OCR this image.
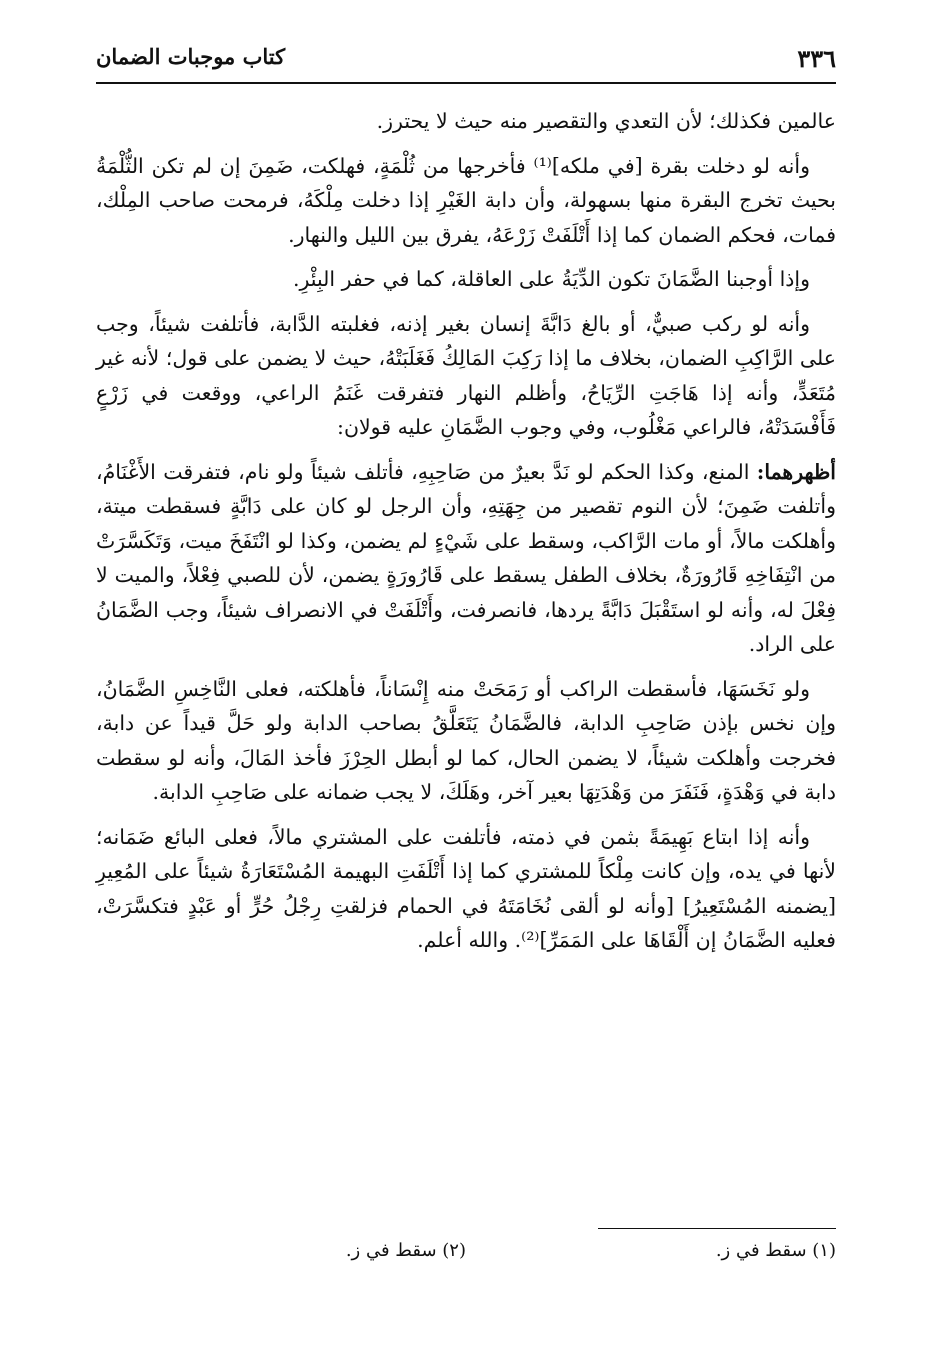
٣٣٦
كتاب موجبات الضمان

عالمين فكذلك؛ لأن التعدي والتقصير منه حيث لا يحترز.

وأنه لو دخلت بقرة [في ملكه]⁽¹⁾ فأخرجها من ثُلْمَةٍ، فهلكت، ضَمِنَ إن لم تكن الثُّلْمَةُ بحيث تخرج البقرة منها بسهولة، وأن دابة الغَيْرِ إذا دخلت مِلْكَهُ، فرمحت صاحب المِلْك، فمات، فحكم الضمان كما إذا أَتْلَفَتْ زَرْعَهُ، يفرق بين الليل والنهار.

وإذا أوجبنا الضَّمَانَ تكون الدِّيَةُ على العاقلة، كما في حفر البِئْرِ.

وأنه لو ركب صبيٌّ، أو بالغ دَابَّةَ إنسان بغير إذنه، فغلبته الدَّابة، فأتلفت شيئاً، وجب على الرَّاكِبِ الضمان، بخلاف ما إذا رَكِبَ المَالِكُ فَغَلَبَتْهُ، حيث لا يضمن على قول؛ لأنه غير مُتَعَدٍّ، وأنه إذا هَاجَتِ الرِّيَاحُ، وأظلم النهار فتفرقت غَنَمُ الراعي، ووقعت في زَرْعٍ فَأَفْسَدَتْهُ، فالراعي مَغْلُوب، وفي وجوب الضَّمَانِ عليه قولان:

أظهرهما: المنع، وكذا الحكم لو نَدَّ بعيرٌ من صَاحِبِهِ، فأتلف شيئاً ولو نام، فتفرقت الأَغْنَامُ، وأتلفت ضَمِنَ؛ لأن النوم تقصير من جِهَتِهِ، وأن الرجل لو كان على دَابَّةٍ فسقطت ميتة، وأهلكت مالاً، أو مات الرَّاكب، وسقط على شَيْءٍ لم يضمن، وكذا لو انْتَفَخَ ميت، وَتَكَسَّرَتْ من انْتِفَاخِهِ قَارُورَةٌ، بخلاف الطفل يسقط على قَارُورَةٍ يضمن، لأن للصبي فِعْلاً، والميت لا فِعْلَ له، وأنه لو استَقْبَلَ دَابَّةً يردها، فانصرفت، وأَتْلَفَتْ في الانصراف شيئاً، وجب الضَّمَانُ على الراد.

ولو نَخَسَهَا، فأسقطت الراكب أو رَمَحَتْ منه إِنْسَاناً، فأهلكته، فعلى النَّاخِسِ الضَّمَانُ، وإن نخس بإذن صَاحِبِ الدابة، فالضَّمَانُ يَتَعَلَّقُ بصاحب الدابة ولو حَلَّ قيداً عن دابة، فخرجت وأهلكت شيئاً، لا يضمن الحال، كما لو أبطل الحِرْزَ فأخذ المَالَ، وأنه لو سقطت دابة في وَهْدَةٍ، فَنَفَرَ من وَهْدَتِهَا بعير آخر، وهَلَكَ، لا يجب ضمانه على صَاحِبِ الدابة.

وأنه إذا ابتاع بَهِيمَةً بثمن في ذمته، فأتلفت على المشتري مالاً، فعلى البائع ضَمَانه؛ لأنها في يده، وإن كانت مِلْكاً للمشتري كما إذا أَتْلَفَتِ البهيمة المُسْتَعَارَةُ شيئاً على المُعِيرِ [يضمنه المُسْتَعِيرُ] [وأنه لو ألقى نُخَامَتَهُ في الحمام فزلقتِ رِجْلُ حُرٍّ أو عَبْدٍ فتكسَّرَتْ، فعليه الضَّمَانُ إن أَلْقَاهَا على المَمَرِّ]⁽²⁾. والله أعلم.

(١) سقط في ز.
(٢) سقط في ز.
